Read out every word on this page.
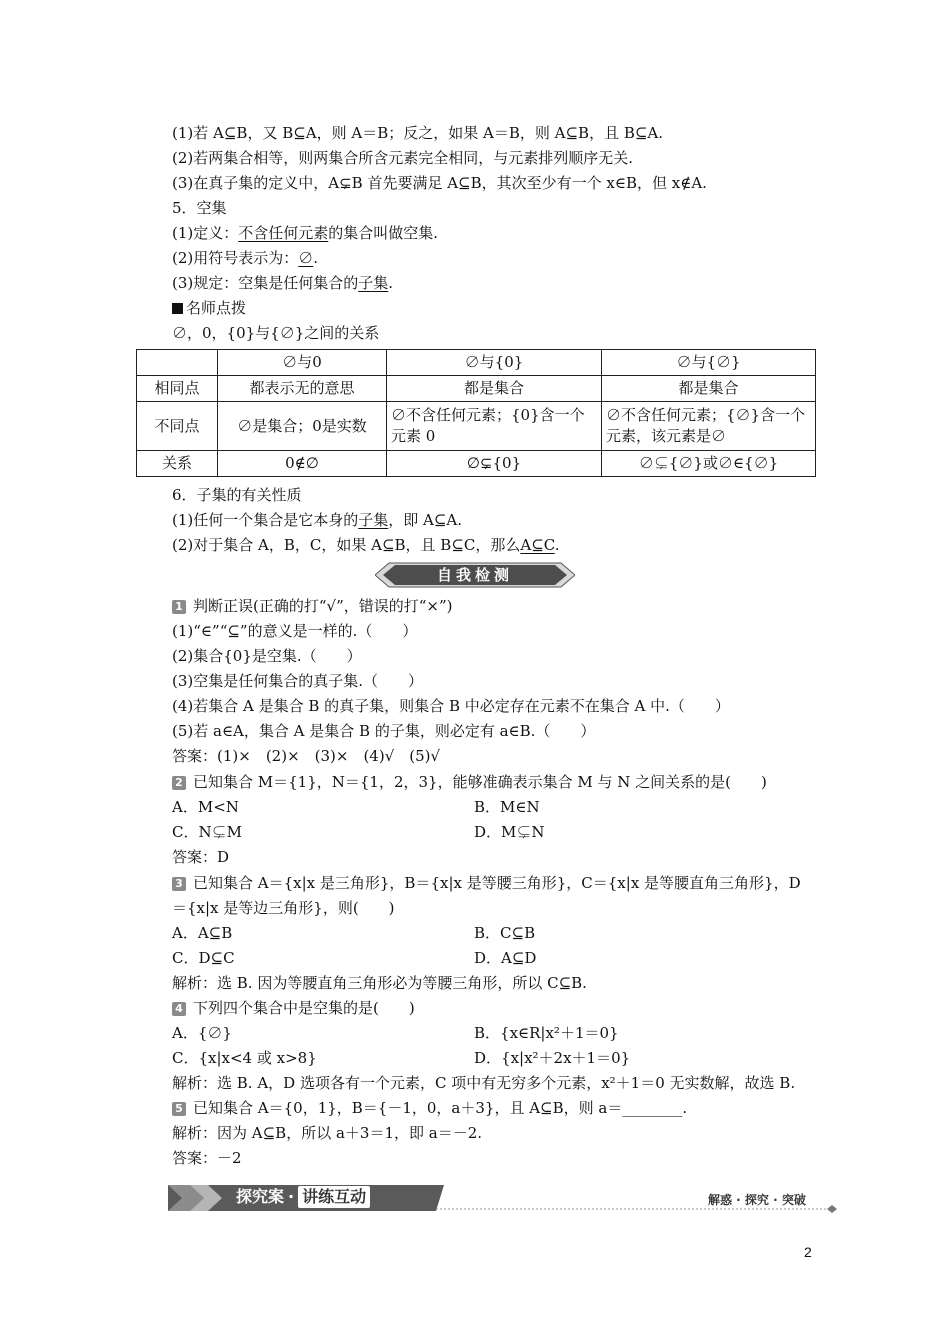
(1)若 A⊆B，又 B⊆A，则 A＝B；反之，如果 A＝B，则 A⊆B，且 B⊆A.
(2)若两集合相等，则两集合所含元素完全相同，与元素排列顺序无关.
(3)在真子集的定义中，A⊊B 首先要满足 A⊆B，其次至少有一个 x∈B，但 x∉A.
5．空集
(1)定义：不含任何元素的集合叫做空集.
(2)用符号表示为：∅.
(3)规定：空集是任何集合的子集.
名师点拨
∅，0，{0}与{∅}之间的关系
	∅与0	∅与{0}	∅与{∅}
相同点	都表示无的意思	都是集合	都是集合
不同点	∅是集合；0是实数	∅不含任何元素；{0}含一个元素 0	∅不含任何元素；{∅}含一个元素，该元素是∅
关系	0∉∅	∅⊊{0}	∅⊊{∅}或∅∈{∅}
6．子集的有关性质
(1)任何一个集合是它本身的子集，即 A⊆A.
(2)对于集合 A，B，C，如果 A⊆B，且 B⊆C，那么A⊆C.
自我检测
1 判断正误(正确的打“√”，错误的打“×”)
(1)“∈”“⊆”的意义是一样的.（　　）
(2)集合{0}是空集.（　　）
(3)空集是任何集合的真子集.（　　）
(4)若集合 A 是集合 B 的真子集，则集合 B 中必定存在元素不在集合 A 中.（　　）
(5)若 a∈A，集合 A 是集合 B 的子集，则必定有 a∈B.（　　）
答案：(1)×　(2)×　(3)×　(4)√　(5)√
2 已知集合 M＝{1}，N＝{1，2，3}，能够准确表示集合 M 与 N 之间关系的是(　　)
A．M<N	B．M∈N
C．N⊊M	D．M⊊N
答案：D
3 已知集合 A＝{x|x 是三角形}，B＝{x|x 是等腰三角形}，C＝{x|x 是等腰直角三角形}，D
＝{x|x 是等边三角形}，则(　　)
A．A⊆B	B．C⊆B
C．D⊆C	D．A⊆D
解析：选 B. 因为等腰直角三角形必为等腰三角形，所以 C⊆B.
4 下列四个集合中是空集的是(　　)
A．{∅}	B．{x∈R|x²＋1＝0}
C．{x|x<4 或 x>8}	D．{x|x²＋2x＋1＝0}
解析：选 B. A，D 选项各有一个元素，C 项中有无穷多个元素，x²＋1＝0 无实数解，故选 B.
5 已知集合 A＝{0，1}，B＝{－1，0，a＋3}，且 A⊆B，则 a＝________.
解析：因为 A⊆B，所以 a＋3＝1，即 a＝－2.
答案：－2
探究案 · 讲练互动	解惑 · 探究 · 突破
2
